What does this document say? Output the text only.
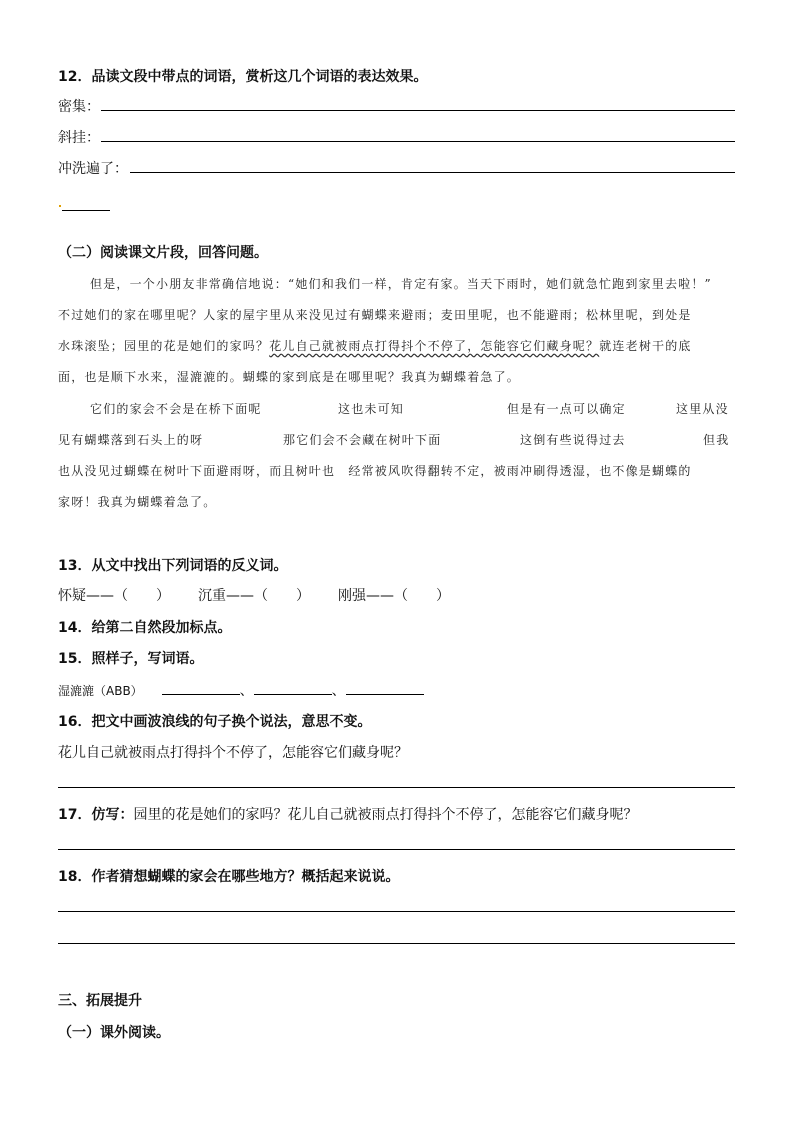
12．品读文段中带点的词语，赏析这几个词语的表达效果。
密集：
斜挂：
冲洗遍了：
（二）阅读课文片段，回答问题。
但是，一个小朋友非常确信地说：“她们和我们一样，肯定有家。当天下雨时，她们就急忙跑到家里去啦！”
不过她们的家在哪里呢？人家的屋宇里从来没见过有蝴蝶来避雨；麦田里呢，也不能避雨；松林里呢，到处是
水珠滚坠；园里的花是她们的家吗？花儿自己就被雨点打得抖个不停了，怎能容它们藏身呢？就连老树干的底
面，也是顺下水来，湿漉漉的。蝴蝶的家到底是在哪里呢？我真为蝴蝶着急了。
它们的家会不会是在桥下面呢	这也未可知	但是有一点可以确定	这里从没
见有蝴蝶落到石头上的呀	那它们会不会藏在树叶下面	这倒有些说得过去	但我
也从没见过蝴蝶在树叶下面避雨呀，而且树叶也　经常被风吹得翻转不定，被雨冲刷得透湿，也不像是蝴蝶的
家呀！我真为蝴蝶着急了。
13．从文中找出下列词语的反义词。
怀疑——（　　） 沉重——（　　） 刚强——（　　）
14．给第二自然段加标点。
15．照样子，写词语。
湿漉漉（ABB）	、	、
16．把文中画波浪线的句子换个说法，意思不变。
花儿自己就被雨点打得抖个不停了，怎能容它们藏身呢？
17．仿写：园里的花是她们的家吗？花儿自己就被雨点打得抖个不停了，怎能容它们藏身呢？
18．作者猜想蝴蝶的家会在哪些地方？概括起来说说。
三、拓展提升
（一）课外阅读。
